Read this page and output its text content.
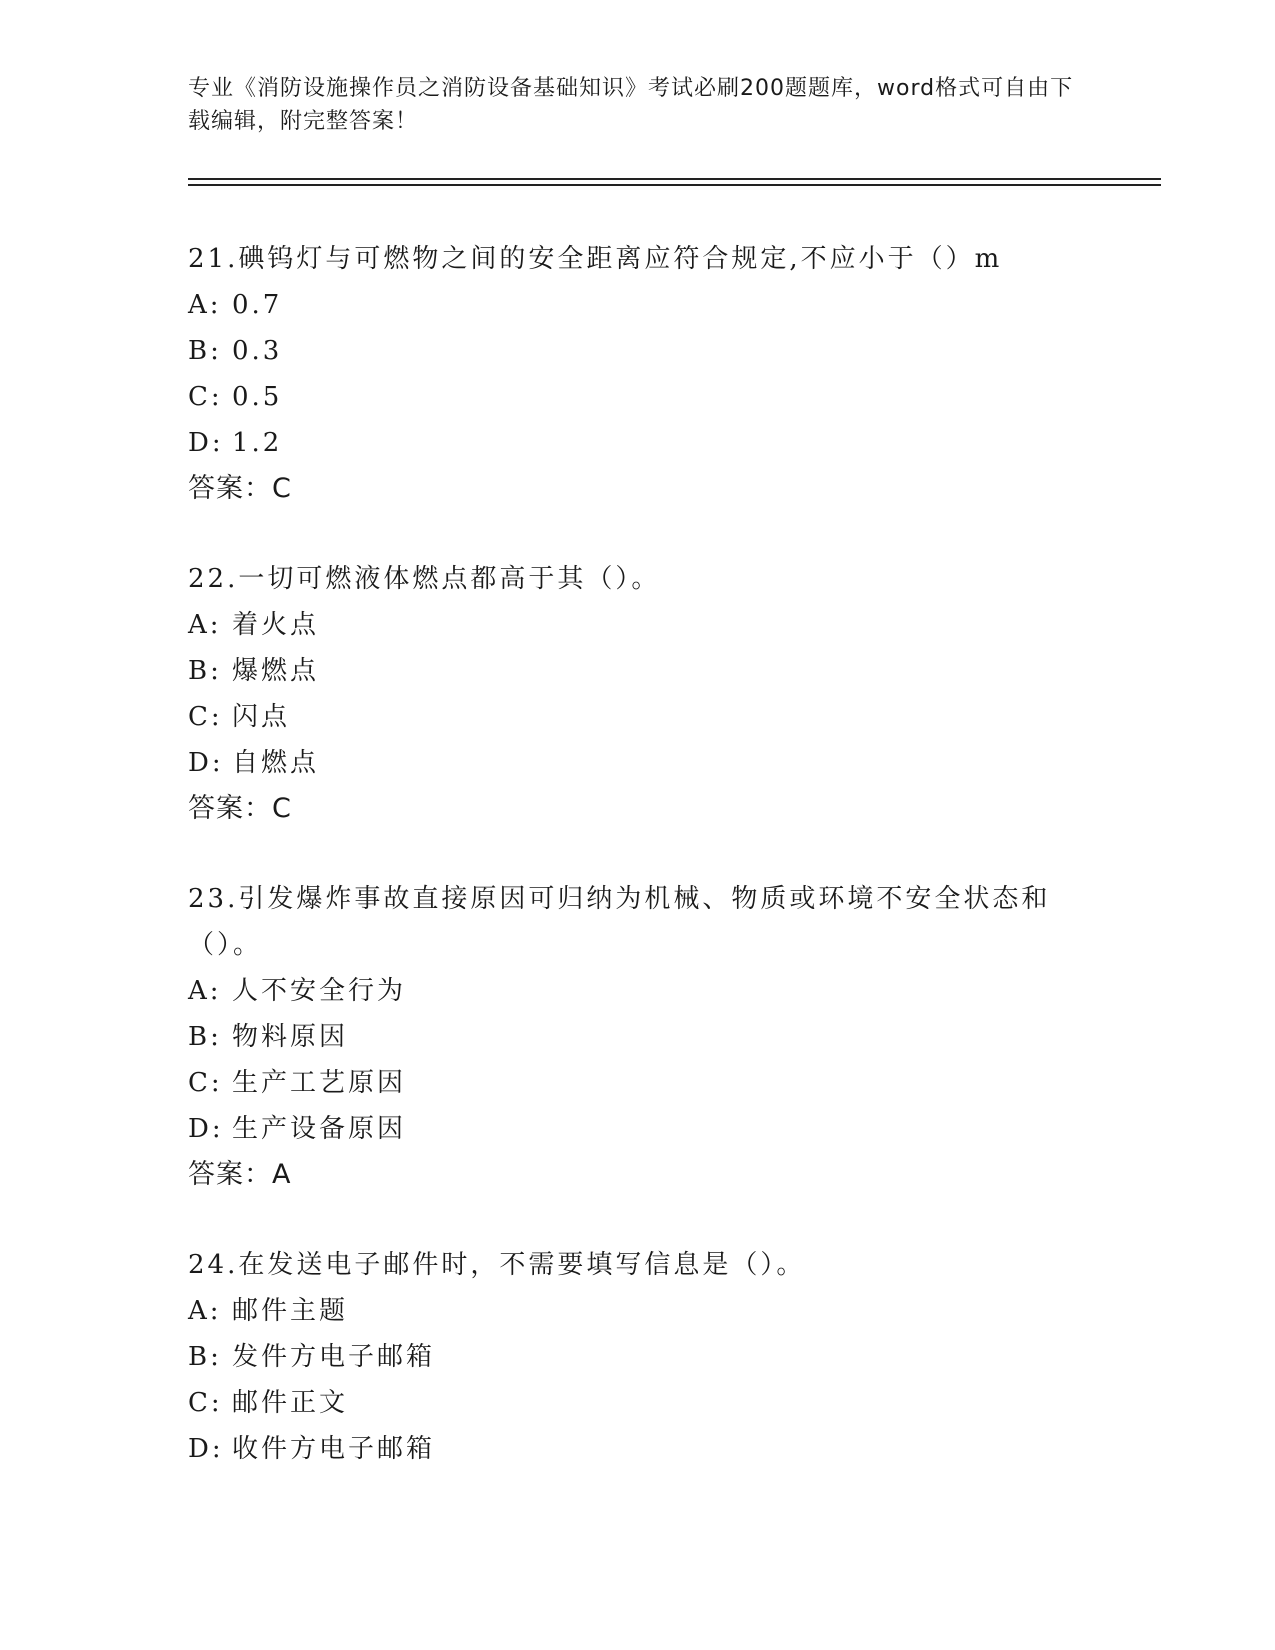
专业《消防设施操作员之消防设备基础知识》考试必刷200题题库，word格式可自由下载编辑，附完整答案！
21.碘钨灯与可燃物之间的安全距离应符合规定,不应小于（）m
A: 0.7
B: 0.3
C: 0.5
D: 1.2
答案：C
22.一切可燃液体燃点都高于其（）。
A: 着火点
B: 爆燃点
C: 闪点
D: 自燃点
答案：C
23.引发爆炸事故直接原因可归纳为机械、物质或环境不安全状态和（）。
A: 人不安全行为
B: 物料原因
C: 生产工艺原因
D: 生产设备原因
答案：A
24.在发送电子邮件时，不需要填写信息是（）。
A: 邮件主题
B: 发件方电子邮箱
C: 邮件正文
D: 收件方电子邮箱
